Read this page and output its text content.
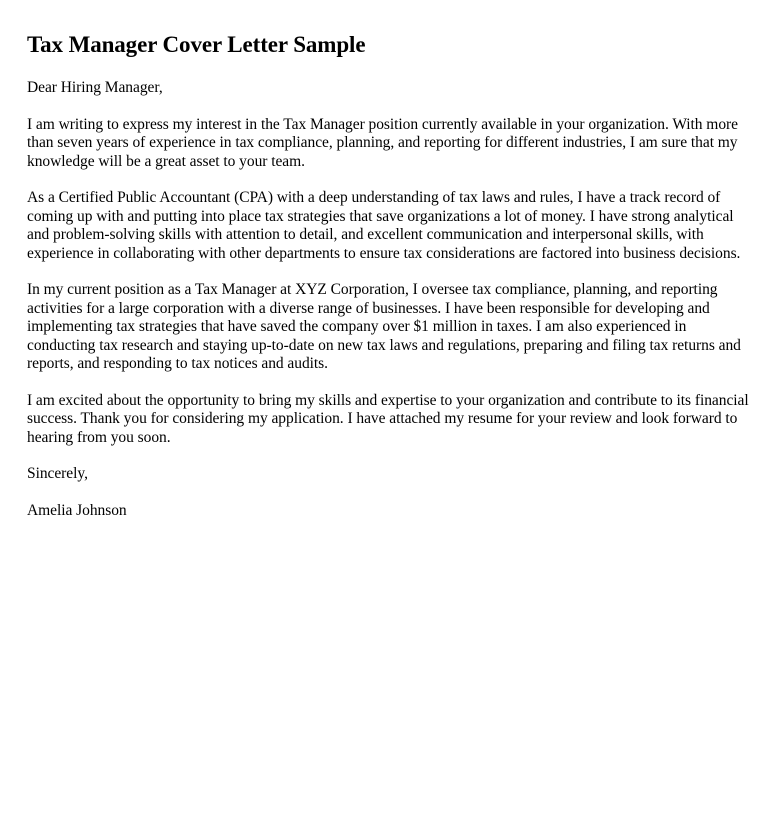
Tax Manager Cover Letter Sample

Dear Hiring Manager,

I am writing to express my interest in the Tax Manager position currently available in your organization. With more than seven years of experience in tax compliance, planning, and reporting for different industries, I am sure that my knowledge will be a great asset to your team.

As a Certified Public Accountant (CPA) with a deep understanding of tax laws and rules, I have a track record of coming up with and putting into place tax strategies that save organizations a lot of money. I have strong analytical and problem-solving skills with attention to detail, and excellent communication and interpersonal skills, with experience in collaborating with other departments to ensure tax considerations are factored into business decisions.

In my current position as a Tax Manager at XYZ Corporation, I oversee tax compliance, planning, and reporting activities for a large corporation with a diverse range of businesses. I have been responsible for developing and implementing tax strategies that have saved the company over $1 million in taxes. I am also experienced in conducting tax research and staying up-to-date on new tax laws and regulations, preparing and filing tax returns and reports, and responding to tax notices and audits.

I am excited about the opportunity to bring my skills and expertise to your organization and contribute to its financial success. Thank you for considering my application. I have attached my resume for your review and look forward to hearing from you soon.

Sincerely,

Amelia Johnson
